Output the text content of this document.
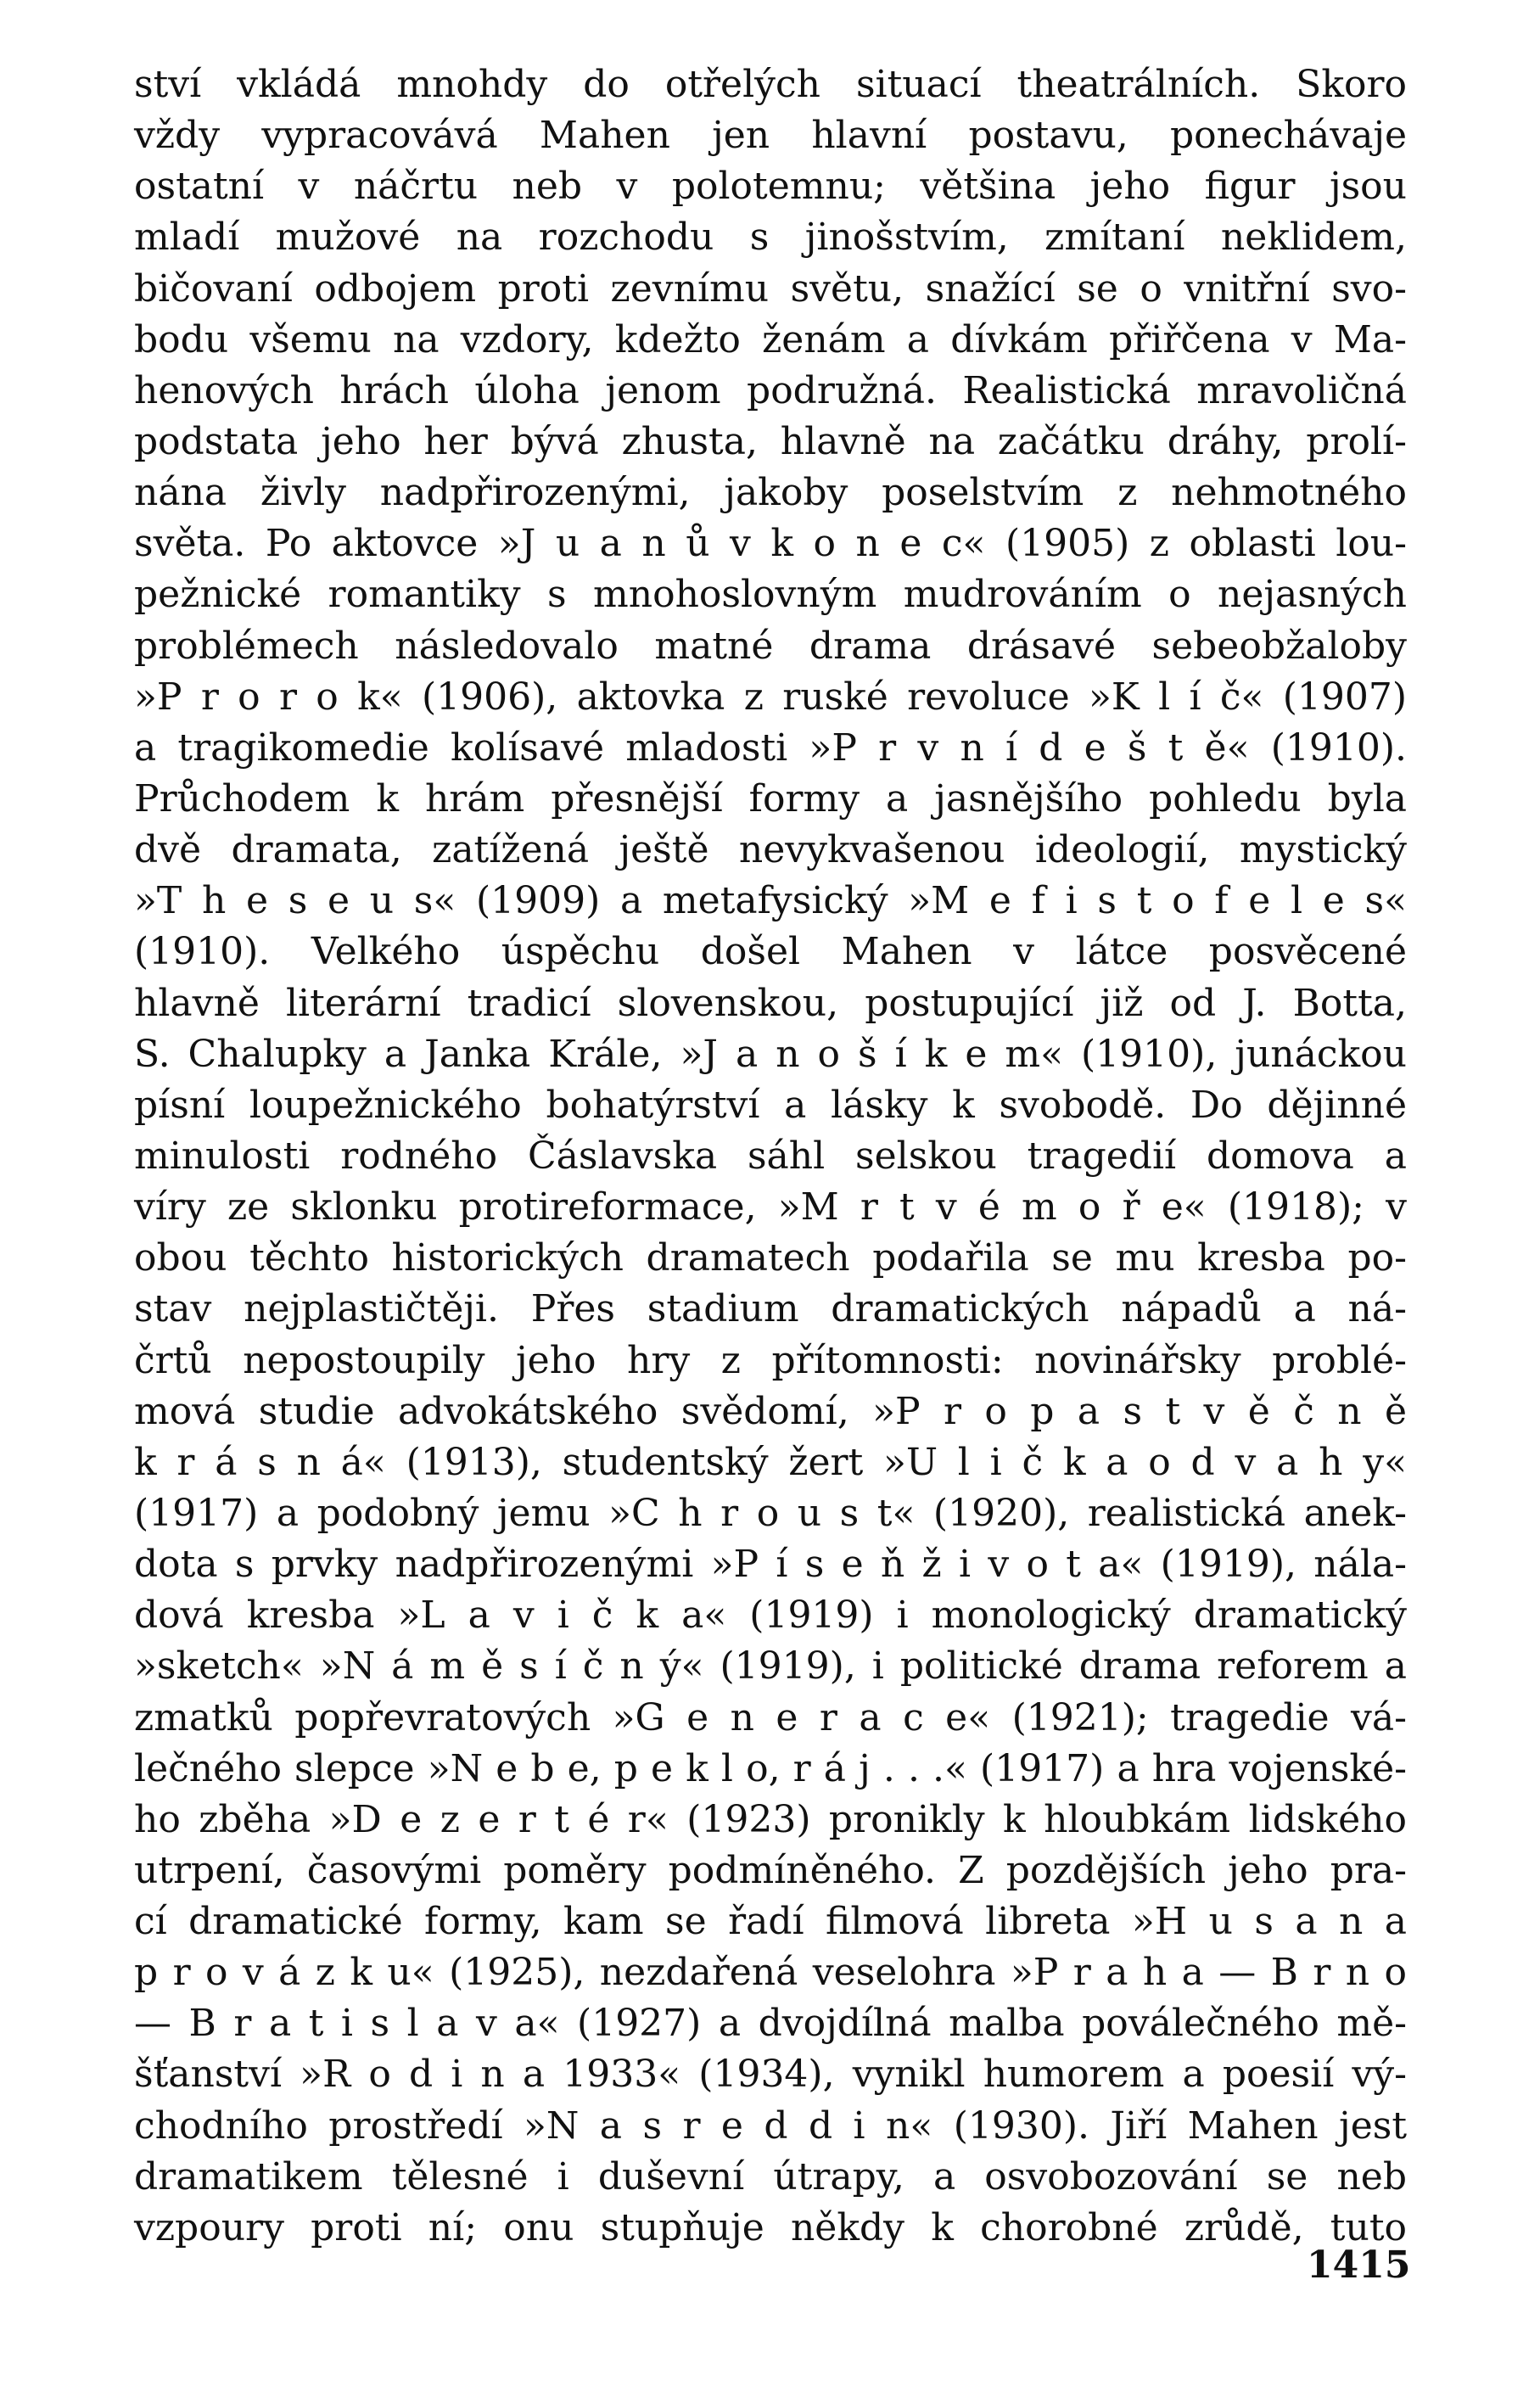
ství vkládá mnohdy do otřelých situací theatrálních. Skoro
vždy vypracovává Mahen jen hlavní postavu, ponechávaje
ostatní v náčrtu neb v polotemnu; většina jeho figur jsou
mladí mužové na rozchodu s jinošstvím, zmítaní neklidem,
bičovaní odbojem proti zevnímu světu, snažící se o vnitřní svo-
bodu všemu na vzdory, kdežto ženám a dívkám přiřčena v Ma-
henových hrách úloha jenom podružná. Realistická mravoličná
podstata jeho her bývá zhusta, hlavně na začátku dráhy, prolí-
nána živly nadpřirozenými, jakoby poselstvím z nehmotného
světa. Po aktovce »J u a n ů v k o n e c« (1905) z oblasti lou-
pežnické romantiky s mnohoslovným mudrováním o nejasných
problémech následovalo matné drama drásavé sebeobžaloby
»P r o r o k« (1906), aktovka z ruské revoluce »K l í č« (1907)
a tragikomedie kolísavé mladosti »P r v n í d e š t ě« (1910).
Průchodem k hrám přesnější formy a jasnějšího pohledu byla
dvě dramata, zatížená ještě nevykvašenou ideologií, mystický
»T h e s e u s« (1909) a metafysický »M e f i s t o f e l e s«
(1910). Velkého úspěchu došel Mahen v látce posvěcené
hlavně literární tradicí slovenskou, postupující již od J. Botta,
S. Chalupky a Janka Krále, »J a n o š í k e m« (1910), junáckou
písní loupežnického bohatýrství a lásky k svobodě. Do dějinné
minulosti rodného Čáslavska sáhl selskou tragedií domova a
víry ze sklonku protireformace, »M r t v é m o ř e« (1918); v
obou těchto historických dramatech podařila se mu kresba po-
stav nejplastičtěji. Přes stadium dramatických nápadů a ná-
črtů nepostoupily jeho hry z přítomnosti: novinářsky problé-
mová studie advokátského svědomí, »P r o p a s t v ě č n ě
k r á s n á« (1913), studentský žert »U l i č k a o d v a h y«
(1917) a podobný jemu »C h r o u s t« (1920), realistická anek-
dota s prvky nadpřirozenými »P í s e ň ž i v o t a« (1919), nála-
dová kresba »L a v i č k a« (1919) i monologický dramatický
»sketch« »N á m ě s í č n ý« (1919), i politické drama reforem a
zmatků popřevratových »G e n e r a c e« (1921); tragedie vá-
lečného slepce »N e b e, p e k l o, r á j . . .« (1917) a hra vojenské-
ho zběha »D e z e r t é r« (1923) pronikly k hloubkám lidského
utrpení, časovými poměry podmíněného. Z pozdějších jeho pra-
cí dramatické formy, kam se řadí filmová libreta »H u s a n a
p r o v á z k u« (1925), nezdařená veselohra »P r a h a — B r n o
— B r a t i s l a v a« (1927) a dvojdílná malba poválečného mě-
šťanství »R o d i n a 1933« (1934), vynikl humorem a poesií vý-
chodního prostředí »N a s r e d d i n« (1930). Jiří Mahen jest
dramatikem tělesné i duševní útrapy, a osvobozování se neb
vzpoury proti ní; onu stupňuje někdy k chorobné zrůdě, tuto
1415
